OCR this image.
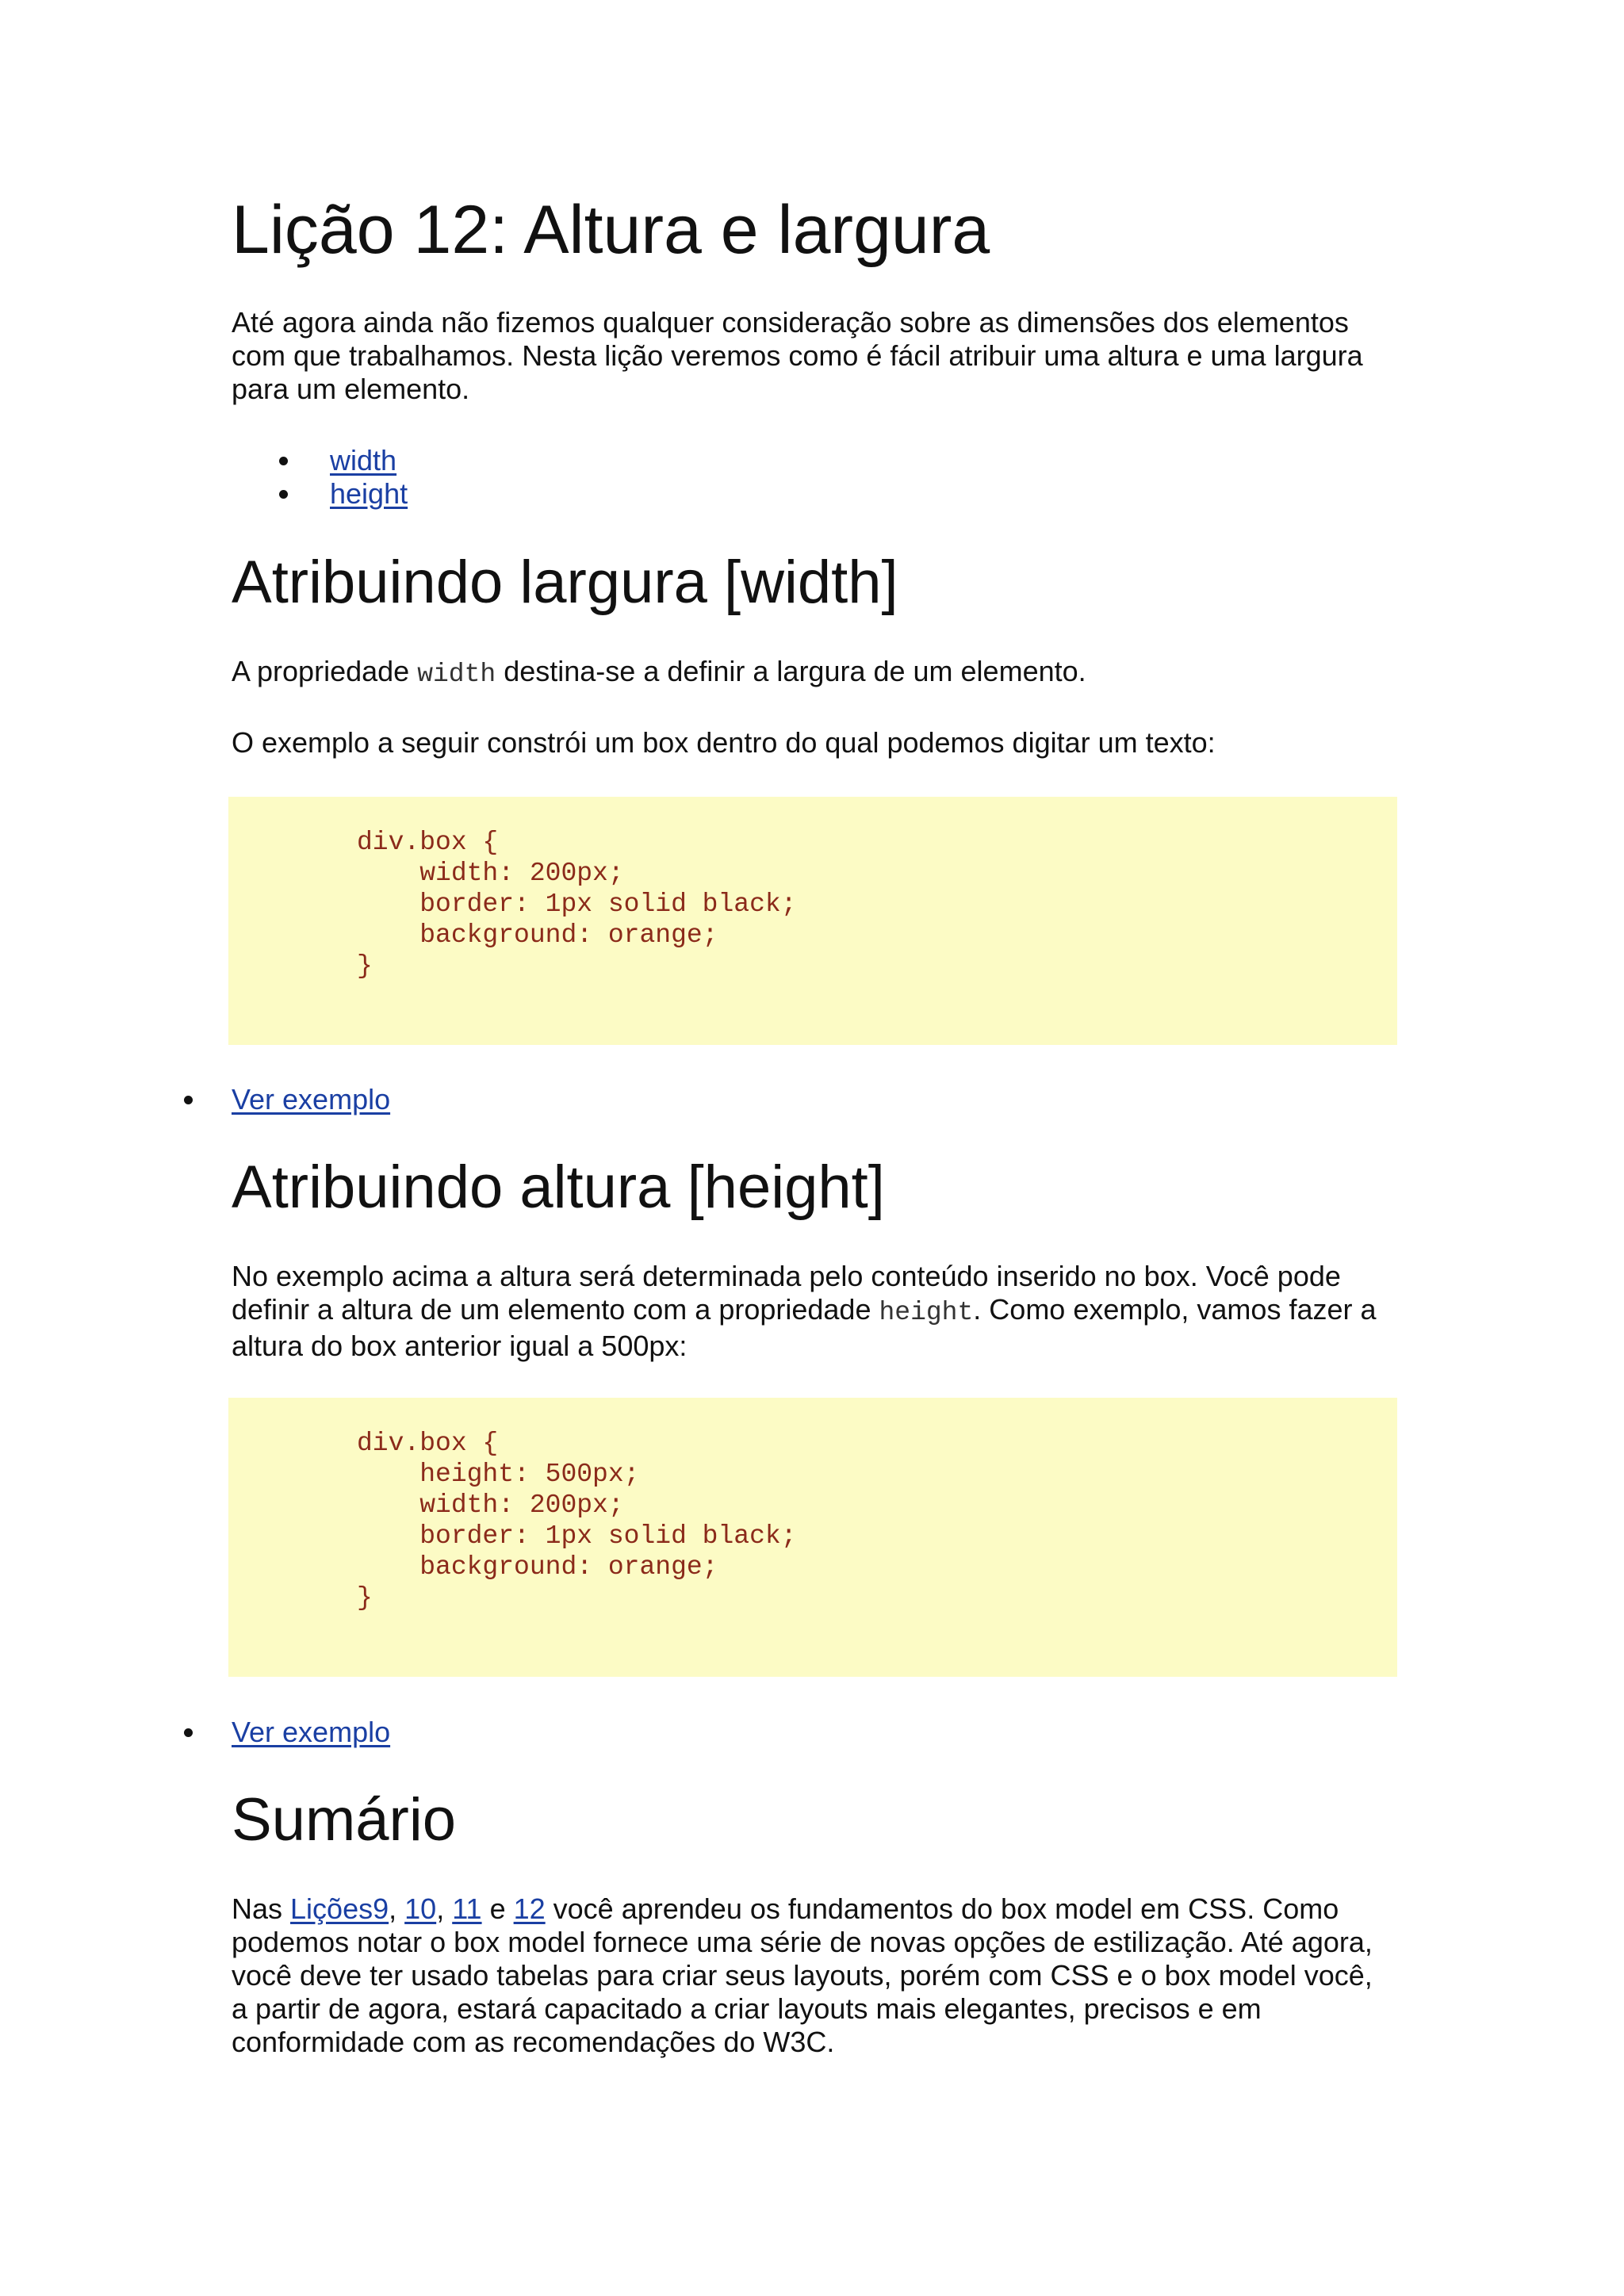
div.box {
	width: 200px;
	border: 1px solid black;
	background: orange;
}
div.box {
	height: 500px;
	width: 200px;
	border: 1px solid black;
	background: orange;
}
Lição 12: Altura e largura

Até agora ainda não fizemos qualquer consideração sobre as dimensões dos elementos com que trabalhamos. Nesta lição veremos como é fácil atribuir uma altura e uma largura para um elemento.

width
height
Atribuindo largura [width]

A propriedade width destina-se a definir a largura de um elemento.

O exemplo a seguir constrói um box dentro do qual podemos digitar um texto:

Ver exemplo
Atribuindo altura [height]

No exemplo acima a altura será determinada pelo conteúdo inserido no box. Você pode definir a altura de um elemento com a propriedade height. Como exemplo, vamos fazer a altura do box anterior igual a 500px:

Ver exemplo
Sumário

Nas Lições9, 10, 11 e 12 você aprendeu os fundamentos do box model em CSS. Como podemos notar o box model fornece uma série de novas opções de estilização. Até agora, você deve ter usado tabelas para criar seus layouts, porém com CSS e o box model você, a partir de agora, estará capacitado a criar layouts mais elegantes, precisos e em conformidade com as recomendações do W3C.
